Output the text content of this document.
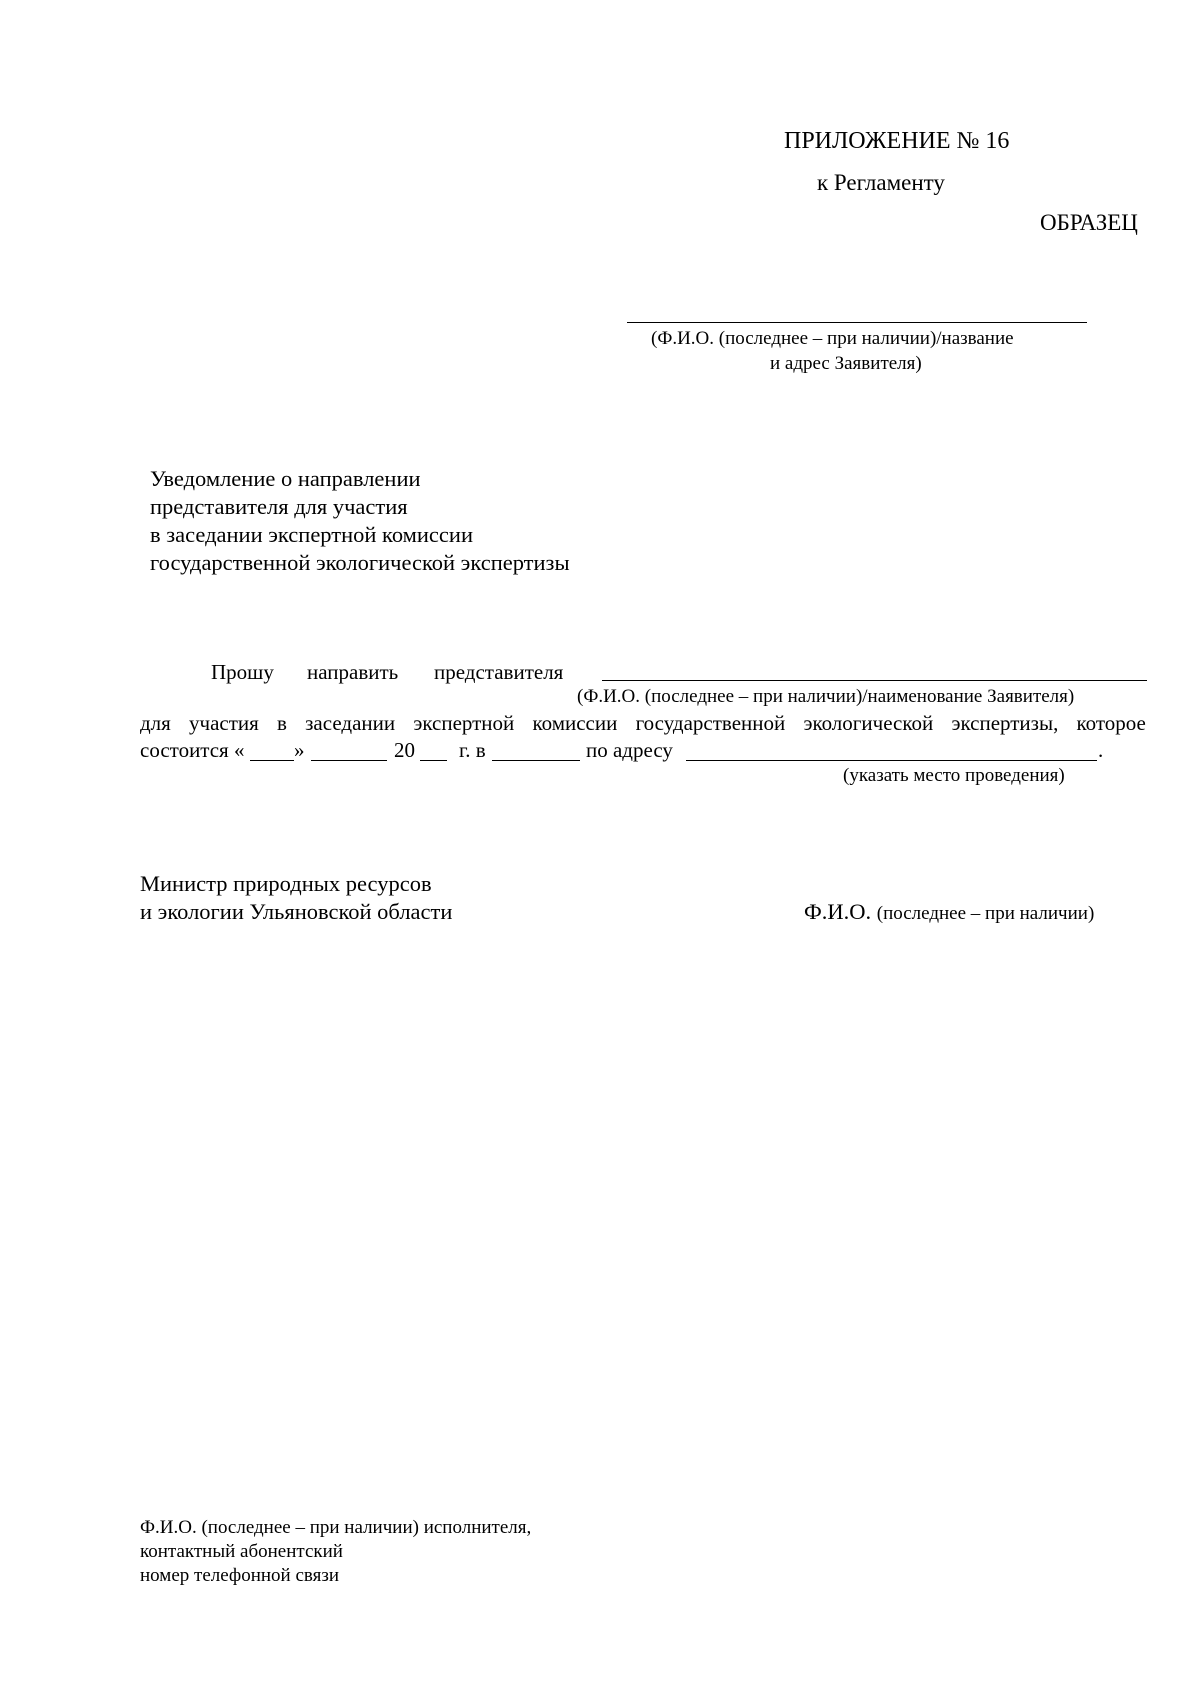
ПРИЛОЖЕНИЕ № 16
к Регламенту
ОБРАЗЕЦ
(Ф.И.О. (последнее – при наличии)/название
и адрес Заявителя)
Уведомление о направлении
представителя для участия
в заседании экспертной комиссии
государственной экологической экспертизы
Прошу направить представителя
(Ф.И.О. (последнее – при наличии)/наименование Заявителя)
для участия в заседании экспертной комиссии государственной экологической экспертизы, которое
состоится « »	20 г. в	по адресу	.
(указать место проведения)
Министр природных ресурсов
и экологии Ульяновской области	Ф.И.О. (последнее – при наличии)
Ф.И.О. (последнее – при наличии) исполнителя,
контактный абонентский
номер телефонной связи
